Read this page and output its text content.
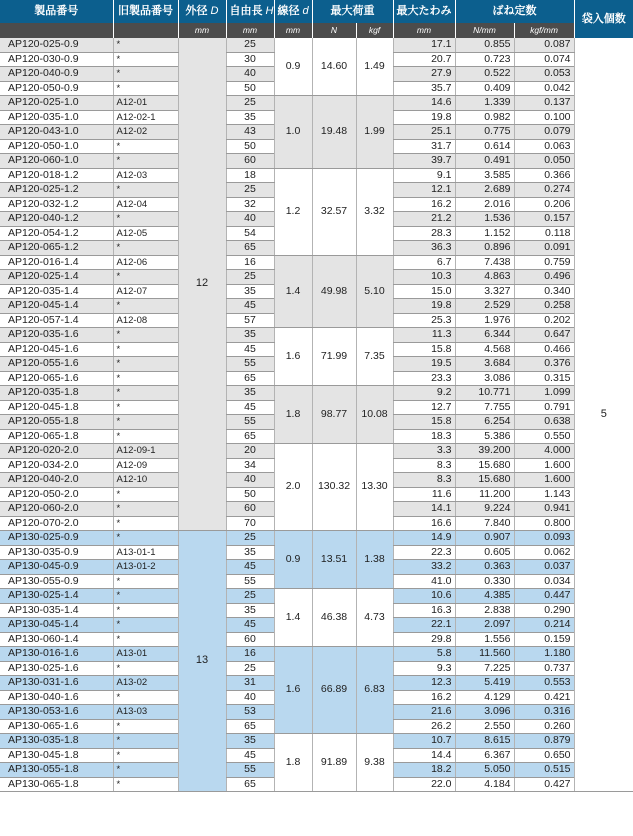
製品番号	旧製品番号	外径 D	自由長 H	線径 d	最大荷重		最大たわみ	ばね定数		袋入個数
		mm	mm	mm	N	kgf	mm	N/mm	kgf/mm	
AP120-025-0.9	*	12	25	0.9	14.60	1.49	17.1	0.855	0.087	5
AP120-030-0.9	*		30				20.7	0.723	0.074	
AP120-040-0.9	*		40				27.9	0.522	0.053	
AP120-050-0.9	*		50				35.7	0.409	0.042	
AP120-025-1.0	A12-01		25	1.0	19.48	1.99	14.6	1.339	0.137	
AP120-035-1.0	A12-02-1		35				19.8	0.982	0.100	
AP120-043-1.0	A12-02		43				25.1	0.775	0.079	
AP120-050-1.0	*		50				31.7	0.614	0.063	
AP120-060-1.0	*		60				39.7	0.491	0.050	
AP120-018-1.2	A12-03		18	1.2	32.57	3.32	9.1	3.585	0.366	
AP120-025-1.2	*		25				12.1	2.689	0.274	
AP120-032-1.2	A12-04		32				16.2	2.016	0.206	
AP120-040-1.2	*		40				21.2	1.536	0.157	
AP120-054-1.2	A12-05		54				28.3	1.152	0.118	
AP120-065-1.2	*		65				36.3	0.896	0.091	
AP120-016-1.4	A12-06		16	1.4	49.98	5.10	6.7	7.438	0.759	
AP120-025-1.4	*		25				10.3	4.863	0.496	
AP120-035-1.4	A12-07		35				15.0	3.327	0.340	
AP120-045-1.4	*		45				19.8	2.529	0.258	
AP120-057-1.4	A12-08		57				25.3	1.976	0.202	
AP120-035-1.6	*		35	1.6	71.99	7.35	11.3	6.344	0.647	
AP120-045-1.6	*		45				15.8	4.568	0.466	
AP120-055-1.6	*		55				19.5	3.684	0.376	
AP120-065-1.6	*		65				23.3	3.086	0.315	
AP120-035-1.8	*		35	1.8	98.77	10.08	9.2	10.771	1.099	
AP120-045-1.8	*		45				12.7	7.755	0.791	
AP120-055-1.8	*		55				15.8	6.254	0.638	
AP120-065-1.8	*		65				18.3	5.386	0.550	
AP120-020-2.0	A12-09-1		20	2.0	130.32	13.30	3.3	39.200	4.000	
AP120-034-2.0	A12-09		34				8.3	15.680	1.600	
AP120-040-2.0	A12-10		40				8.3	15.680	1.600	
AP120-050-2.0	*		50				11.6	11.200	1.143	
AP120-060-2.0	*		60				14.1	9.224	0.941	
AP120-070-2.0	*		70				16.6	7.840	0.800	
AP130-025-0.9	*	13	25	0.9	13.51	1.38	14.9	0.907	0.093	
AP130-035-0.9	A13-01-1		35				22.3	0.605	0.062	
AP130-045-0.9	A13-01-2		45				33.2	0.363	0.037	
AP130-055-0.9	*		55				41.0	0.330	0.034	
AP130-025-1.4	*		25	1.4	46.38	4.73	10.6	4.385	0.447	
AP130-035-1.4	*		35				16.3	2.838	0.290	
AP130-045-1.4	*		45				22.1	2.097	0.214	
AP130-060-1.4	*		60				29.8	1.556	0.159	
AP130-016-1.6	A13-01		16	1.6	66.89	6.83	5.8	11.560	1.180	
AP130-025-1.6	*		25				9.3	7.225	0.737	
AP130-031-1.6	A13-02		31				12.3	5.419	0.553	
AP130-040-1.6	*		40				16.2	4.129	0.421	
AP130-053-1.6	A13-03		53				21.6	3.096	0.316	
AP130-065-1.6	*		65				26.2	2.550	0.260	
AP130-035-1.8	*		35	1.8	91.89	9.38	10.7	8.615	0.879	
AP130-045-1.8	*		45				14.4	6.367	0.650	
AP130-055-1.8	*		55				18.2	5.050	0.515	
AP130-065-1.8	*		65				22.0	4.184	0.427	
